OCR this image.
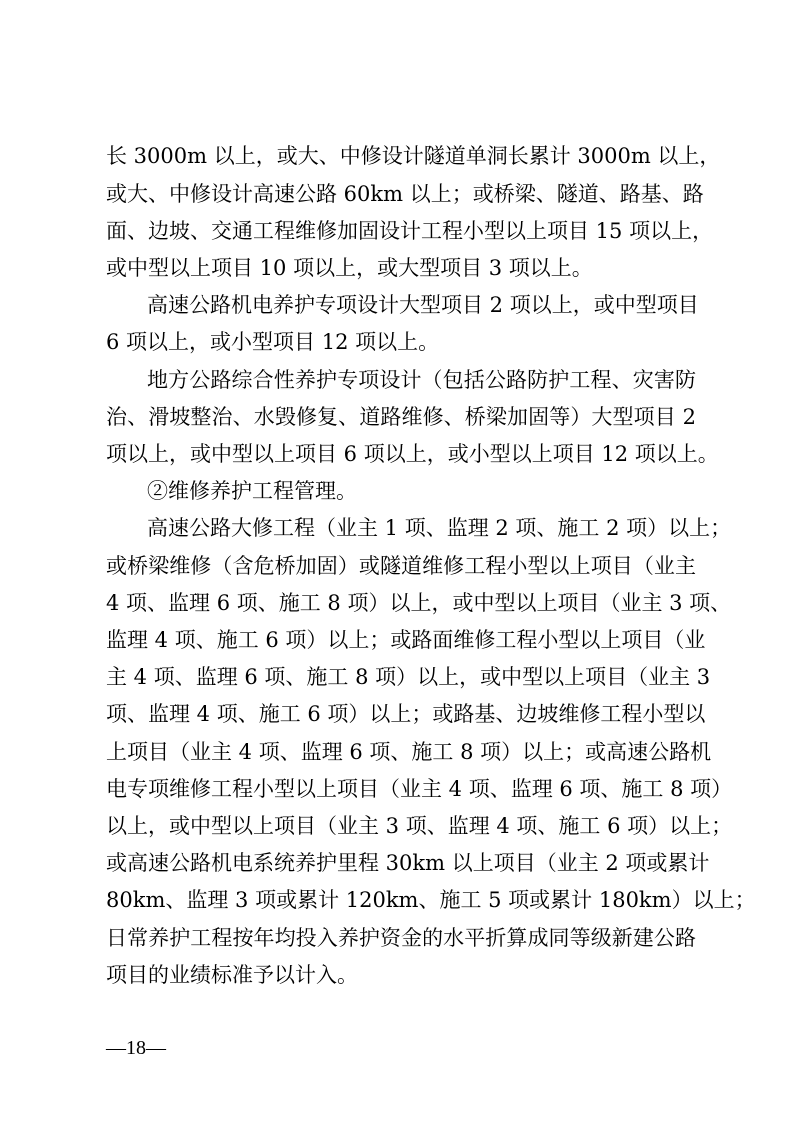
长 3000m 以上，或大、中修设计隧道单洞长累计 3000m 以上，
或大、中修设计高速公路 60km 以上；或桥梁、隧道、路基、路
面、边坡、交通工程维修加固设计工程小型以上项目 15 项以上，
或中型以上项目 10 项以上，或大型项目 3 项以上。
高速公路机电养护专项设计大型项目 2 项以上，或中型项目
6 项以上，或小型项目 12 项以上。
地方公路综合性养护专项设计（包括公路防护工程、灾害防
治、滑坡整治、水毁修复、道路维修、桥梁加固等）大型项目 2
项以上，或中型以上项目 6 项以上，或小型以上项目 12 项以上。
②维修养护工程管理。
高速公路大修工程（业主 1 项、监理 2 项、施工 2 项）以上；
或桥梁维修（含危桥加固）或隧道维修工程小型以上项目（业主
4 项、监理 6 项、施工 8 项）以上，或中型以上项目（业主 3 项、
监理 4 项、施工 6 项）以上；或路面维修工程小型以上项目（业
主 4 项、监理 6 项、施工 8 项）以上，或中型以上项目（业主 3
项、监理 4 项、施工 6 项）以上；或路基、边坡维修工程小型以
上项目（业主 4 项、监理 6 项、施工 8 项）以上；或高速公路机
电专项维修工程小型以上项目（业主 4 项、监理 6 项、施工 8 项）
以上，或中型以上项目（业主 3 项、监理 4 项、施工 6 项）以上；
或高速公路机电系统养护里程 30km 以上项目（业主 2 项或累计
80km、监理 3 项或累计 120km、施工 5 项或累计 180km）以上；
日常养护工程按年均投入养护资金的水平折算成同等级新建公路
项目的业绩标准予以计入。
—18—
